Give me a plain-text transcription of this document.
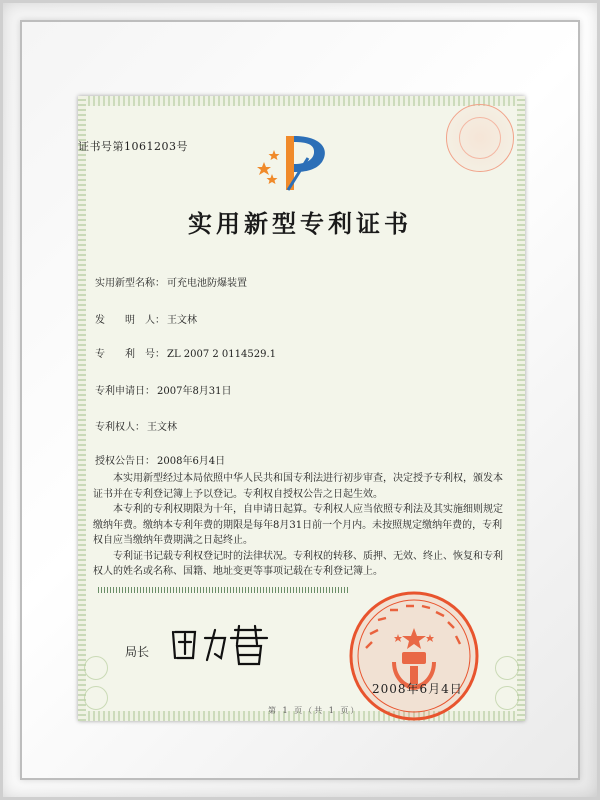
证书号第1061203号
实用新型专利证书
实用新型名称： 可充电池防爆装置
发　　明　人： 王文林
专　　利　号： ZL 2007 2 0114529.1
专利申请日： 2007年8月31日
专利权人： 王文林
授权公告日： 2008年6月4日

本实用新型经过本局依照中华人民共和国专利法进行初步审查，决定授予专利权，颁发本证书并在专利登记簿上予以登记。专利权自授权公告之日起生效。

本专利的专利权期限为十年，自申请日起算。专利权人应当依照专利法及其实施细则规定缴纳年费。缴纳本专利年费的期限是每年8月31日前一个月内。未按照规定缴纳年费的，专利权自应当缴纳年费期满之日起终止。

专利证书记载专利权登记时的法律状况。专利权的转移、质押、无效、终止、恢复和专利权人的姓名或名称、国籍、地址变更等事项记载在专利登记簿上。

局长
2008年6月4日
第 1 页（共 1 页）
